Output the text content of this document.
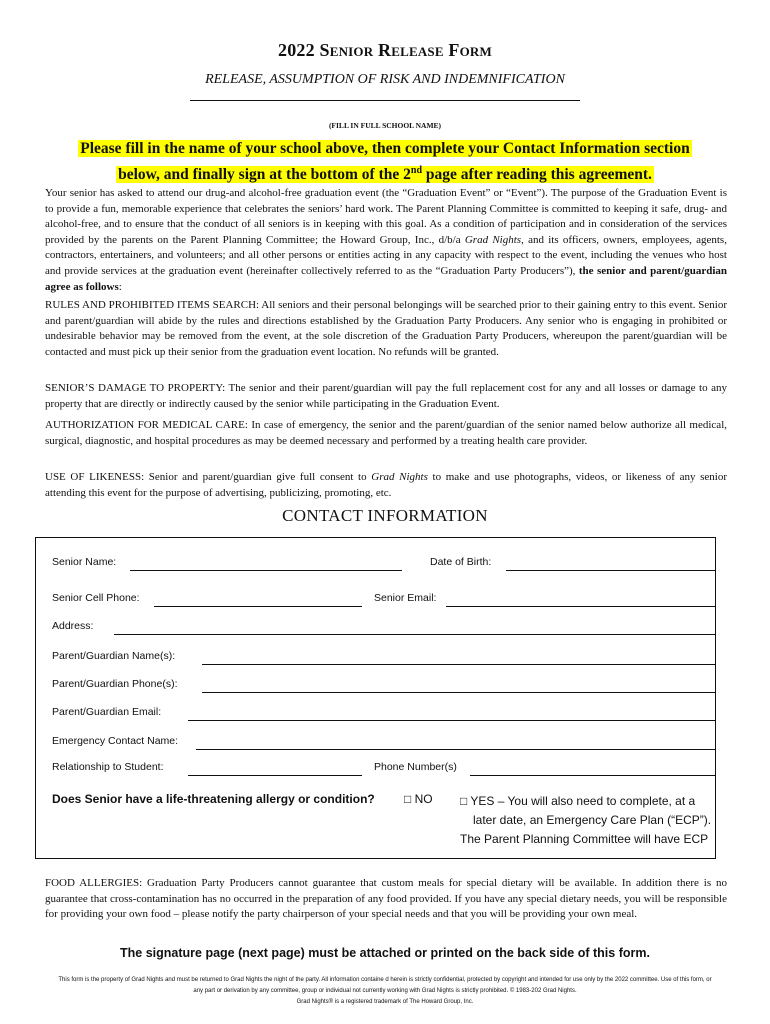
2022 Senior Release Form
RELEASE, ASSUMPTION OF RISK AND INDEMNIFICATION
(FILL IN FULL SCHOOL NAME)
Please fill in the name of your school above, then complete your Contact Information section
below, and finally sign at the bottom of the 2nd page after reading this agreement.
Your senior has asked to attend our drug-and alcohol-free graduation event (the “Graduation Event” or “Event”). The purpose of the Graduation Event is to provide a fun, memorable experience that celebrates the seniors’ hard work. The Parent Planning Committee is committed to keeping it safe, drug- and alcohol-free, and to ensure that the conduct of all seniors is in keeping with this goal. As a condition of participation and in consideration of the services provided by the parents on the Parent Planning Committee; the Howard Group, Inc., d/b/a Grad Nights, and its officers, owners, employees, agents, contractors, entertainers, and volunteers; and all other persons or entities acting in any capacity with respect to the event, including the venues who host and provide services at the graduation event (hereinafter collectively referred to as the “Graduation Party Producers”), the senior and parent/guardian agree as follows:
RULES AND PROHIBITED ITEMS SEARCH: All seniors and their personal belongings will be searched prior to their gaining entry to this event. Senior and parent/guardian will abide by the rules and directions established by the Graduation Party Producers. Any senior who is engaging in prohibited or undesirable behavior may be removed from the event, at the sole discretion of the Graduation Party Producers, whereupon the parent/guardian will be contacted and must pick up their senior from the graduation event location. No refunds will be granted.
SENIOR’S DAMAGE TO PROPERTY: The senior and their parent/guardian will pay the full replacement cost for any and all losses or damage to any property that are directly or indirectly caused by the senior while participating in the Graduation Event.
AUTHORIZATION FOR MEDICAL CARE: In case of emergency, the senior and the parent/guardian of the senior named below authorize all medical, surgical, diagnostic, and hospital procedures as may be deemed necessary and performed by a treating health care provider.
USE OF LIKENESS: Senior and parent/guardian give full consent to Grad Nights to make and use photographs, videos, or likeness of any senior attending this event for the purpose of advertising, publicizing, promoting, etc.
CONTACT INFORMATION
Senior Name:	Date of Birth:
Senior Cell Phone:	Senior Email:
Address:
Parent/Guardian Name(s):
Parent/Guardian Phone(s):
Parent/Guardian Email:
Emergency Contact Name:
Relationship to Student:	Phone Number(s)
Does Senior have a life-threatening allergy or condition? □ NO □ YES – You will also need to complete, at a
later date, an Emergency Care Plan (“ECP”).
The Parent Planning Committee will have ECP
FOOD ALLERGIES: Graduation Party Producers cannot guarantee that custom meals for special dietary will be available. In addition there is no guarantee that cross-contamination has no occurred in the preparation of any food provided. If you have any special dietary needs, you will be responsible for providing your own food – please notify the party chairperson of your special needs and that you will be providing your own meal.
The signature page (next page) must be attached or printed on the back side of this form.
This form is the property of Grad Nights and must be returned to Grad Nights the night of the party. All information containe d herein is strictly confidential, protected by copyright and intended for use only by the 2022 committee. Use of this form, or any part or derivation by any committee, group or individual not currently working with Grad Nights is strictly prohibited. © 1983-202 Grad Nights.
Grad Nights® is a registered trademark of The Howard Group, Inc.
